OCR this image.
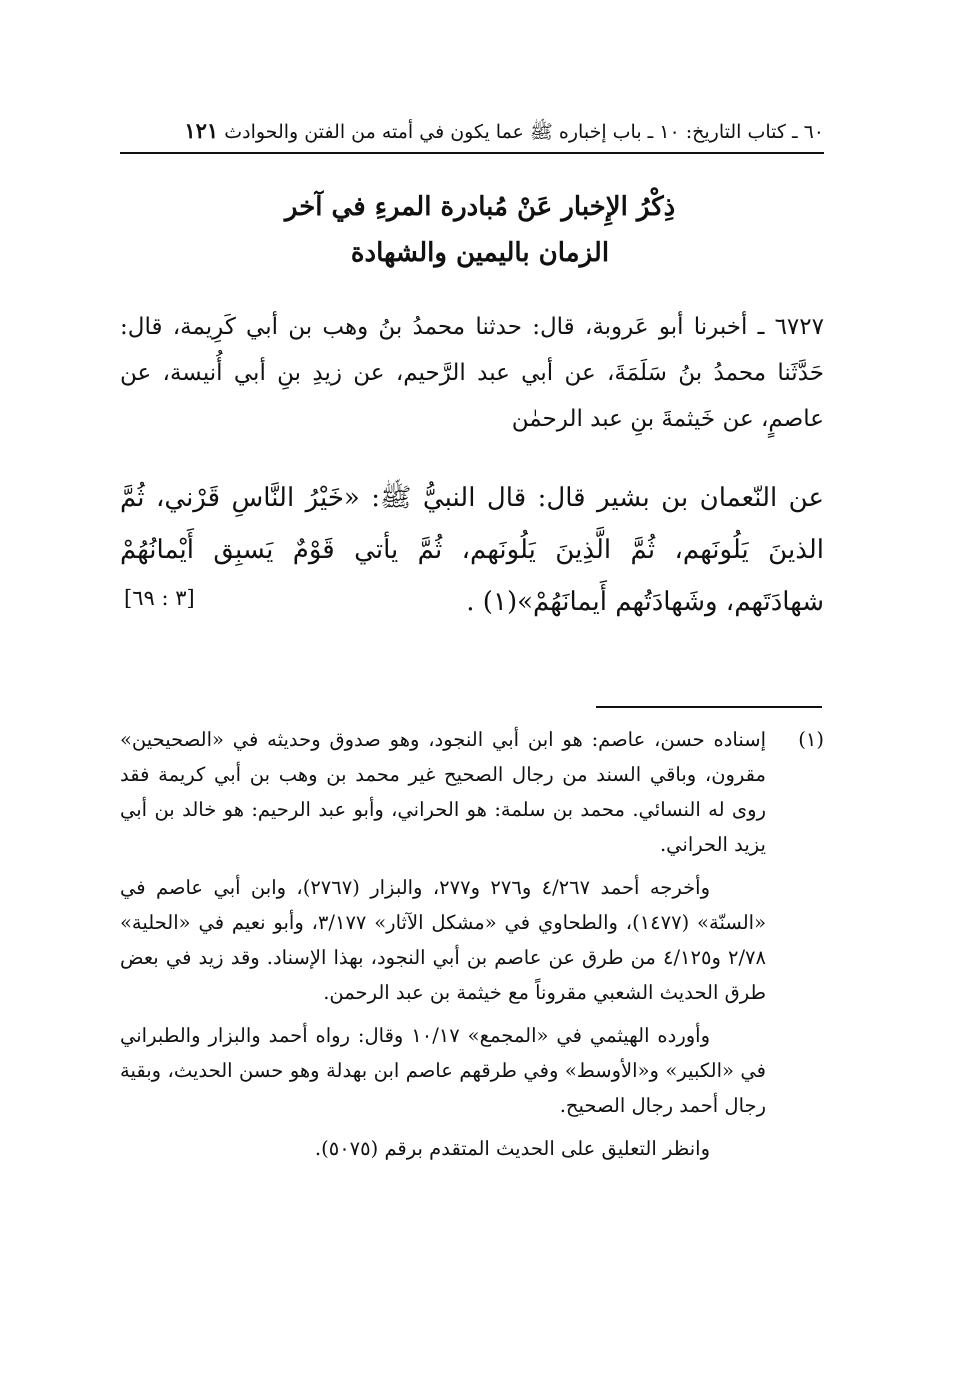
٦٠ ـ كتاب التاريخ: ١٠ ـ باب إخباره ﷺ عما يكون في أمته من الفتن والحوادث ١٢١
ذِكْرُ الإِخبار عَنْ مُبادرة المرءِ في آخر
الزمان باليمين والشهادة
٦٧٢٧ ـ أخبرنا أبو عَروبة، قال: حدثنا محمدُ بنُ وهب بن أبي كَرِيمة، قال: حَدَّثَنا محمدُ بنُ سَلَمَةَ، عن أبي عبد الرَّحيم، عن زيدِ بنِ أبي أُنيسة، عن عاصمٍ، عن خَيثمةَ بنِ عبد الرحمٰن
عن النّعمان بن بشير قال: قال النبيُّ ﷺ: «خَيْرُ النَّاسِ قَرْني، ثُمَّ الذينَ يَلُونَهم، ثُمَّ الَّذِينَ يَلُونَهم، ثُمَّ يأتي قَوْمٌ يَسبِق أَيْمانُهُمْ شهادَتَهم، وشَهادَتُهم أَيمانَهُمْ»(١) .
[٣ : ٦٩]
(١)
إسناده حسن، عاصم: هو ابن أبي النجود، وهو صدوق وحديثه في «الصحيحين» مقرون، وباقي السند من رجال الصحيح غير محمد بن وهب بن أبي كريمة فقد روى له النسائي. محمد بن سلمة: هو الحراني، وأبو عبد الرحيم: هو خالد بن أبي يزيد الحراني.
وأخرجه أحمد ٤/٢٦٧ و٢٧٦ و٢٧٧، والبزار (٢٧٦٧)، وابن أبي عاصم في «السنّة» (١٤٧٧)، والطحاوي في «مشكل الآثار» ٣/١٧٧، وأبو نعيم في «الحلية» ٢/٧٨ و٤/١٢٥ من طرق عن عاصم بن أبي النجود، بهذا الإسناد. وقد زيد في بعض طرق الحديث الشعبي مقروناً مع خيثمة بن عبد الرحمن.
وأورده الهيثمي في «المجمع» ١٠/١٧ وقال: رواه أحمد والبزار والطبراني في «الكبير» و«الأوسط» وفي طرقهم عاصم ابن بهدلة وهو حسن الحديث، وبقية رجال أحمد رجال الصحيح.
وانظر التعليق على الحديث المتقدم برقم (٥٠٧٥).
